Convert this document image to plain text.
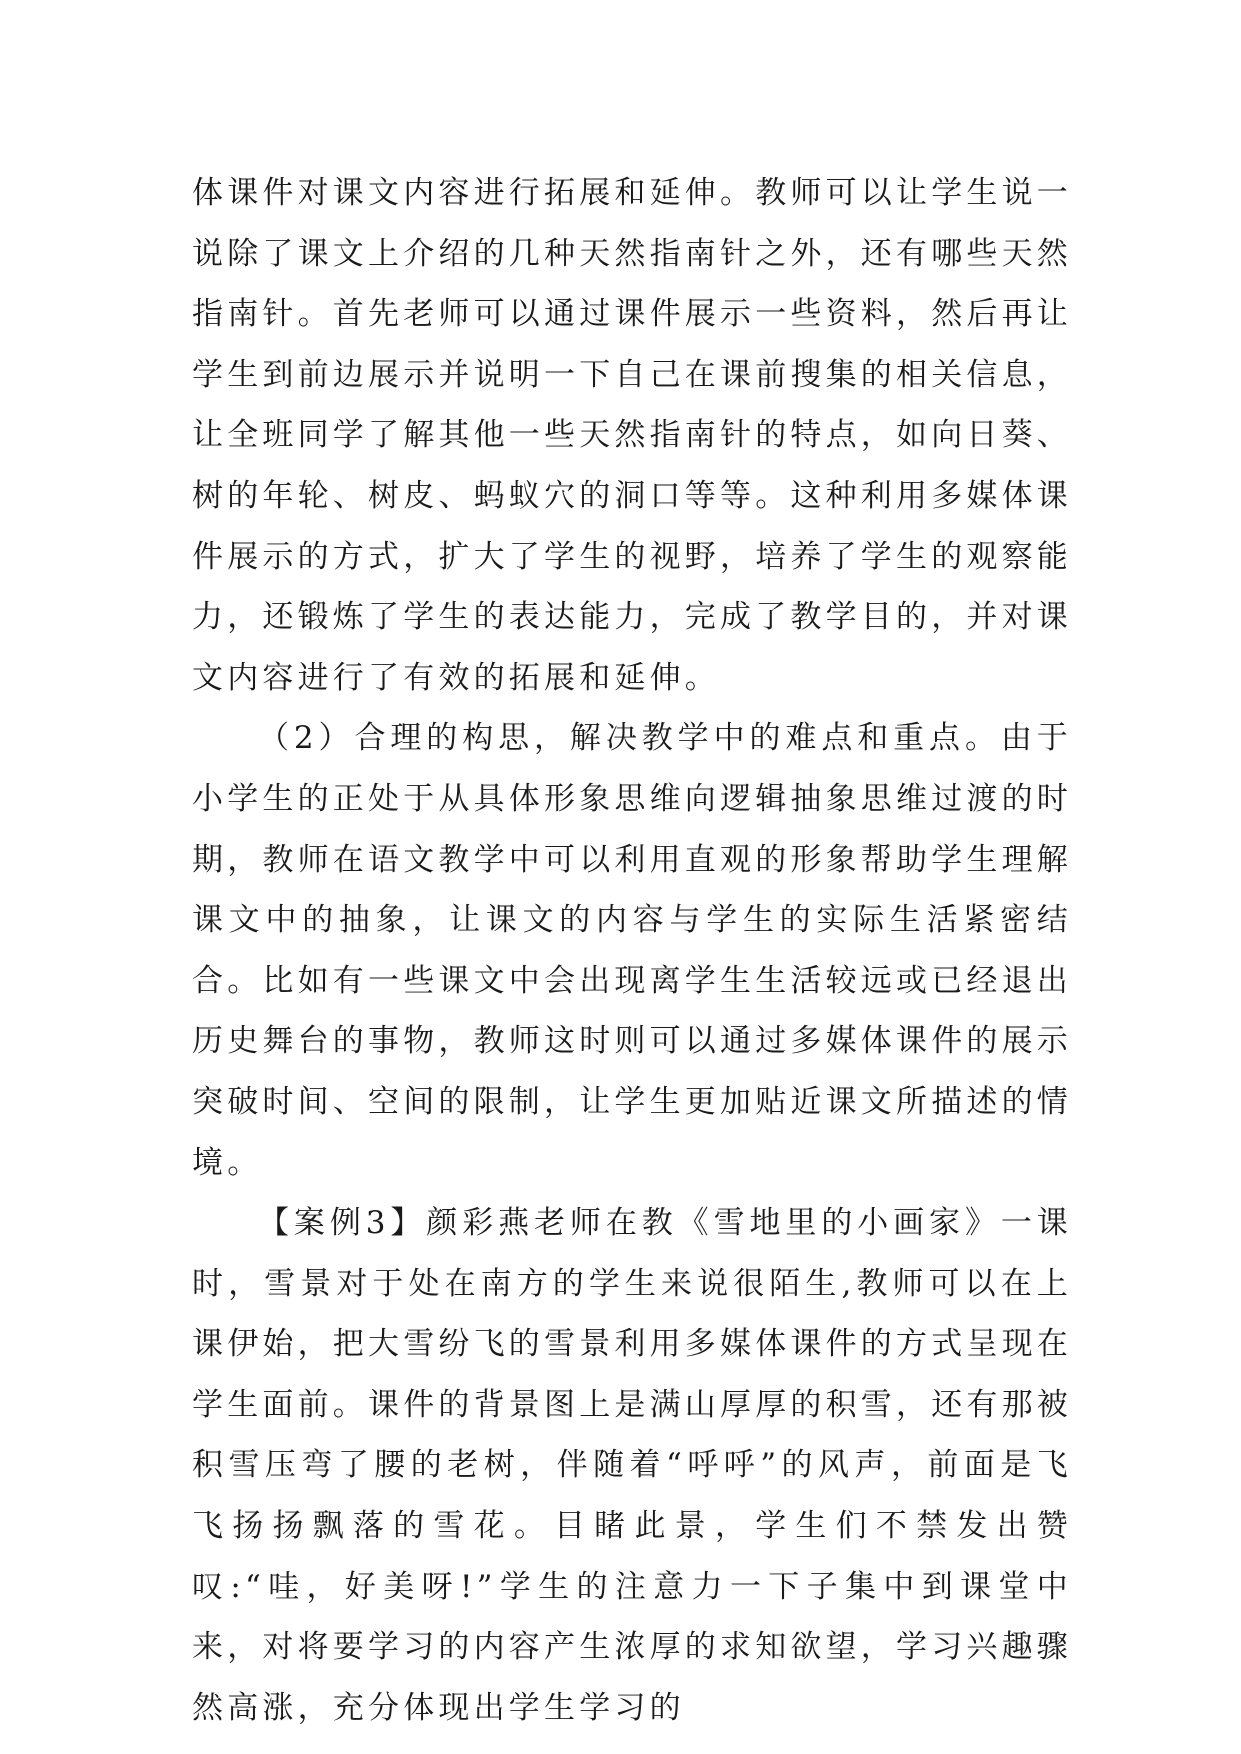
体课件对课文内容进行拓展和延伸。教师可以让学生说一说除了课文上介绍的几种天然指南针之外，还有哪些天然指南针。首先老师可以通过课件展示一些资料，然后再让学生到前边展示并说明一下自己在课前搜集的相关信息，让全班同学了解其他一些天然指南针的特点，如向日葵、树的年轮、树皮、蚂蚁穴的洞口等等。这种利用多媒体课件展示的方式，扩大了学生的视野，培养了学生的观察能力，还锻炼了学生的表达能力，完成了教学目的，并对课文内容进行了有效的拓展和延伸。

（2）合理的构思，解决教学中的难点和重点。由于小学生的正处于从具体形象思维向逻辑抽象思维过渡的时期，教师在语文教学中可以利用直观的形象帮助学生理解课文中的抽象，让课文的内容与学生的实际生活紧密结合。比如有一些课文中会出现离学生生活较远或已经退出历史舞台的事物，教师这时则可以通过多媒体课件的展示突破时间、空间的限制，让学生更加贴近课文所描述的情境。

【案例3】颜彩燕老师在教《雪地里的小画家》一课时，雪景对于处在南方的学生来说很陌生,教师可以在上课伊始，把大雪纷飞的雪景利用多媒体课件的方式呈现在学生面前。课件的背景图上是满山厚厚的积雪，还有那被积雪压弯了腰的老树，伴随着“呼呼”的风声，前面是飞飞扬扬飘落的雪花。目睹此景，学生们不禁发出赞叹:“哇，好美呀!”学生的注意力一下子集中到课堂中来，对将要学习的内容产生浓厚的求知欲望，学习兴趣骤然高涨，充分体现出学生学习的
